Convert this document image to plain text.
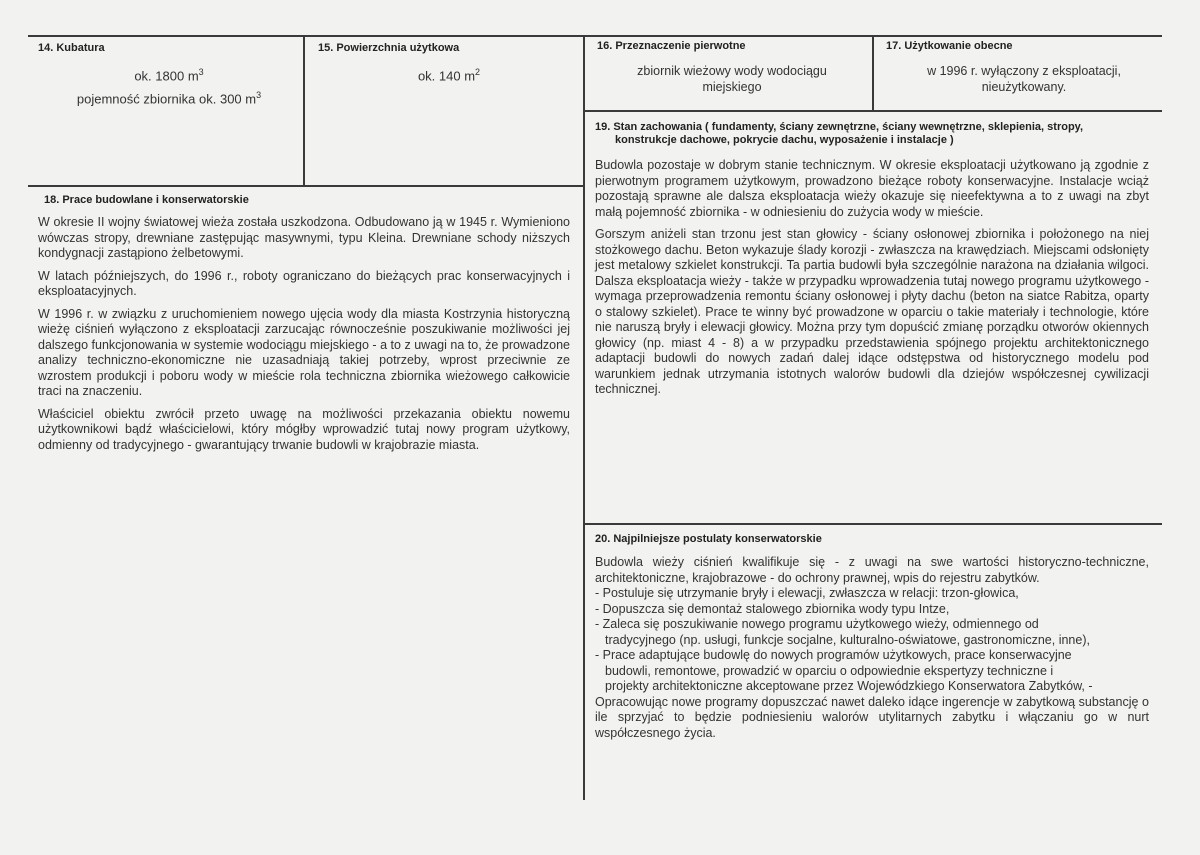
14. Kubatura
ok. 1800 $m^3$
pojemność zbiornika ok. 300 $m^3$
15. Powierzchnia użytkowa
ok. 140 $m^2$
16. Przeznaczenie pierwotne
zbiornik wieżowy wody wodociągu
miejskiego
17. Użytkowanie obecne
w 1996 r. wyłączony z eksploatacji,
nieużytkowany.
18. Prace budowlane i konserwatorskie

W okresie II wojny światowej wieża została uszkodzona. Odbudowano ją w 1945 r. Wymieniono wówczas stropy, drewniane zastępując masywnymi, typu Kleina. Drewniane schody niższych kondygnacji zastąpiono żelbetowymi.

W latach późniejszych, do 1996 r., roboty ograniczano do bieżących prac konserwacyjnych i eksploatacyjnych.

W 1996 r. w związku z uruchomieniem nowego ujęcia wody dla miasta Kostrzynia historyczną wieżę ciśnień wyłączono z eksploatacji zarzucając równocześnie poszukiwanie możliwości jej dalszego funkcjonowania w systemie wodociągu miejskiego - a to z uwagi na to, że prowadzone analizy techniczno-ekonomiczne nie uzasadniają takiej potrzeby, wprost przeciwnie ze wzrostem produkcji i poboru wody w mieście rola techniczna zbiornika wieżowego całkowicie traci na znaczeniu.

Właściciel obiektu zwrócił przeto uwagę na możliwości przekazania obiektu nowemu użytkownikowi bądź właścicielowi, który mógłby wprowadzić tutaj nowy program użytkowy, odmienny od tradycyjnego - gwarantujący trwanie budowli w krajobrazie miasta.

19. Stan zachowania ( fundamenty, ściany zewnętrzne, ściany wewnętrzne, sklepienia, stropy,
konstrukcje dachowe, pokrycie dachu, wyposażenie i instalacje )

Budowla pozostaje w dobrym stanie technicznym. W okresie eksploatacji użytkowano ją zgodnie z pierwotnym programem użytkowym, prowadzono bieżące roboty konserwacyjne. Instalacje wciąż pozostają sprawne ale dalsza eksploatacja wieży okazuje się nieefektywna a to z uwagi na zbyt małą pojemność zbiornika - w odniesieniu do zużycia wody w mieście.

Gorszym aniżeli stan trzonu jest stan głowicy - ściany osłonowej zbiornika i położonego na niej stożkowego dachu. Beton wykazuje ślady korozji - zwłaszcza na krawędziach. Miejscami odsłonięty jest metalowy szkielet konstrukcji. Ta partia budowli była szczególnie narażona na działania wilgoci. Dalsza eksploatacja wieży - także w przypadku wprowadzenia tutaj nowego programu użytkowego - wymaga przeprowadzenia remontu ściany osłonowej i płyty dachu (beton na siatce Rabitza, oparty o stalowy szkielet). Prace te winny być prowadzone w oparciu o takie materiały i technologie, które nie naruszą bryły i elewacji głowicy. Można przy tym dopuścić zmianę porządku otworów okiennych głowicy (np. miast 4 - 8) a w przypadku przedstawienia spójnego projektu architektonicznego adaptacji budowli do nowych zadań dalej idące odstępstwa od historycznego modelu pod warunkiem jednak utrzymania istotnych walorów budowli dla dziejów współczesnej cywilizacji technicznej.

20. Najpilniejsze postulaty konserwatorskie
Budowla wieży ciśnień kwalifikuje się - z uwagi na swe wartości historyczno-techniczne, architektoniczne, krajobrazowe - do ochrony prawnej, wpis do rejestru zabytków.
- Postuluje się utrzymanie bryły i elewacji, zwłaszcza w relacji: trzon-głowica,
- Dopuszcza się demontaż stalowego zbiornika wody typu Intze,
- Zaleca się poszukiwanie nowego programu użytkowego wieży, odmiennego od
tradycyjnego (np. usługi, funkcje socjalne, kulturalno-oświatowe, gastronomiczne, inne),
- Prace adaptujące budowlę do nowych programów użytkowych, prace konserwacyjne
budowli, remontowe, prowadzić w oparciu o odpowiednie ekspertyzy techniczne i
projekty architektoniczne akceptowane przez Wojewódzkiego Konserwatora Zabytków, -
Opracowując nowe programy dopuszczać nawet daleko idące ingerencje w zabytkową substancję o ile sprzyjać to będzie podniesieniu walorów utylitarnych zabytku i włączaniu go w nurt współczesnego życia.
